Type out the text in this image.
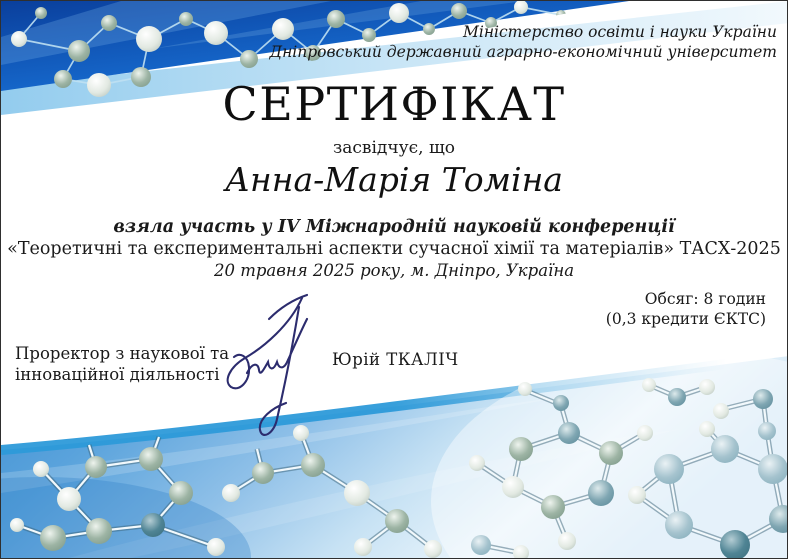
Міністерство освіти і науки України
Дніпровський державний аграрно-економічний університет
СЕРТИФІКАТ
засвідчує, що
Анна-Марія Томіна
взяла участь у IV Міжнародній науковій конференції
«Теоретичні та експериментальні аспекти сучасної хімії та матеріалів» ТАСХ-2025
20 травня 2025 року, м. Дніпро, Україна
Обсяг: 8 годин
(0,3 кредити ЄКТС)
Проректор з наукової та
інноваційної діяльності
Юрій ТКАЛІЧ
